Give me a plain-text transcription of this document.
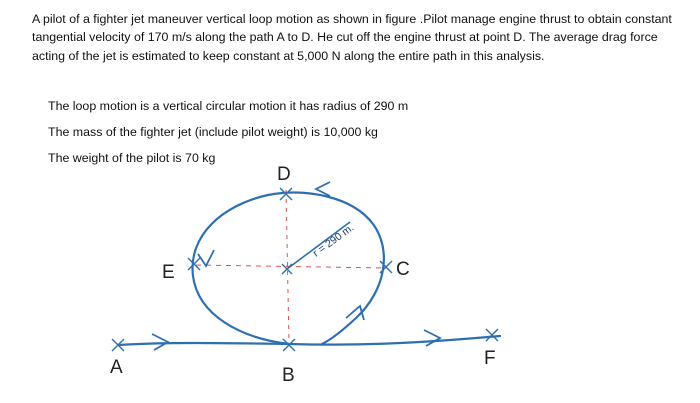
A pilot of a fighter jet maneuver vertical loop motion as shown in figure .Pilot manage engine thrust to obtain constant tangential velocity of 170 m/s along the path A to D. He cut off the engine thrust at point D. The average drag force acting of the jet is estimated to keep constant at 5,000 N along the entire path in this analysis.

The loop motion is a vertical circular motion it has radius of 290 m
The mass of the fighter jet (include pilot weight) is 10,000 kg
The weight of the pilot is 70 kg
r = 290 m.
A	B
C
D
E
F
